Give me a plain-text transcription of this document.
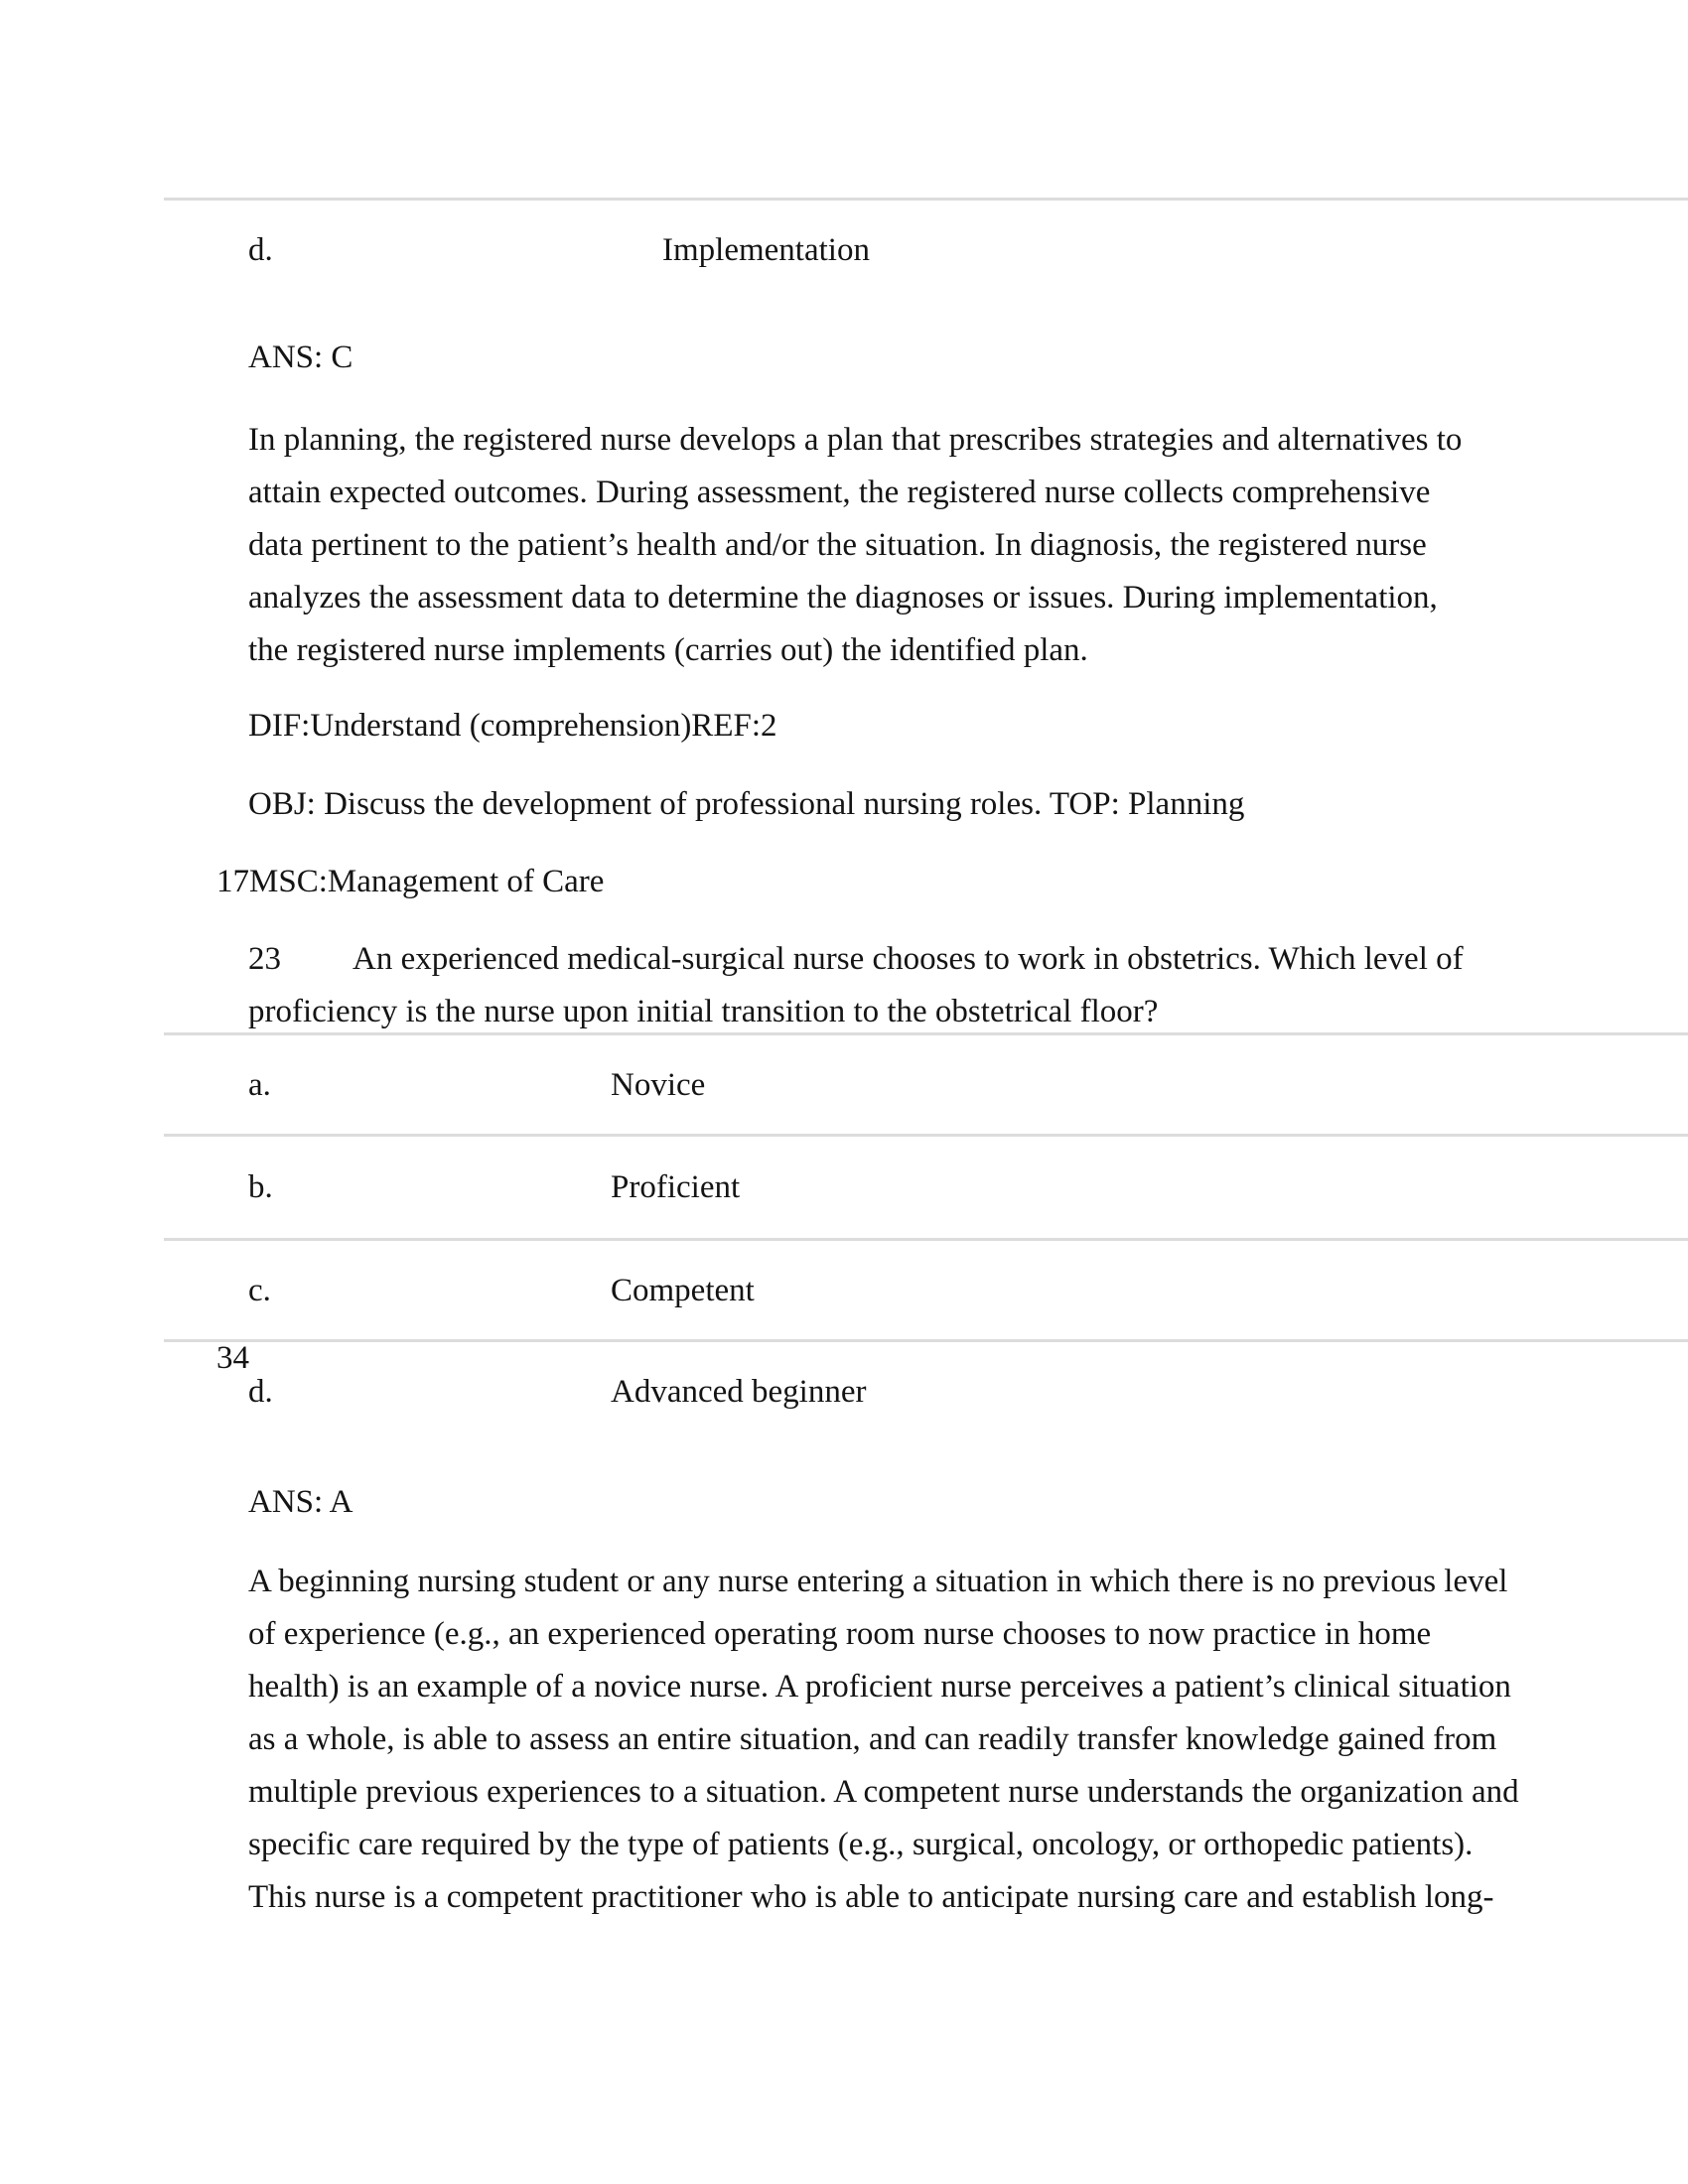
d.	Implementation
ANS: C
In planning, the registered nurse develops a plan that prescribes strategies and alternatives to
attain expected outcomes. During assessment, the registered nurse collects comprehensive
data pertinent to the patient’s health and/or the situation. In diagnosis, the registered nurse
analyzes the assessment data to determine the diagnoses or issues. During implementation,
the registered nurse implements (carries out) the identified plan.
DIF:Understand (comprehension)REF:2
OBJ: Discuss the development of professional nursing roles. TOP: Planning
17MSC:Management of Care
23 An experienced medical-surgical nurse chooses to work in obstetrics. Which level of
proficiency is the nurse upon initial transition to the obstetrical floor?
a.	Novice
b.	Proficient
c.	Competent
34
d.	Advanced beginner
ANS: A
A beginning nursing student or any nurse entering a situation in which there is no previous level
of experience (e.g., an experienced operating room nurse chooses to now practice in home
health) is an example of a novice nurse. A proficient nurse perceives a patient’s clinical situation
as a whole, is able to assess an entire situation, and can readily transfer knowledge gained from
multiple previous experiences to a situation. A competent nurse understands the organization and
specific care required by the type of patients (e.g., surgical, oncology, or orthopedic patients).
This nurse is a competent practitioner who is able to anticipate nursing care and establish long-
